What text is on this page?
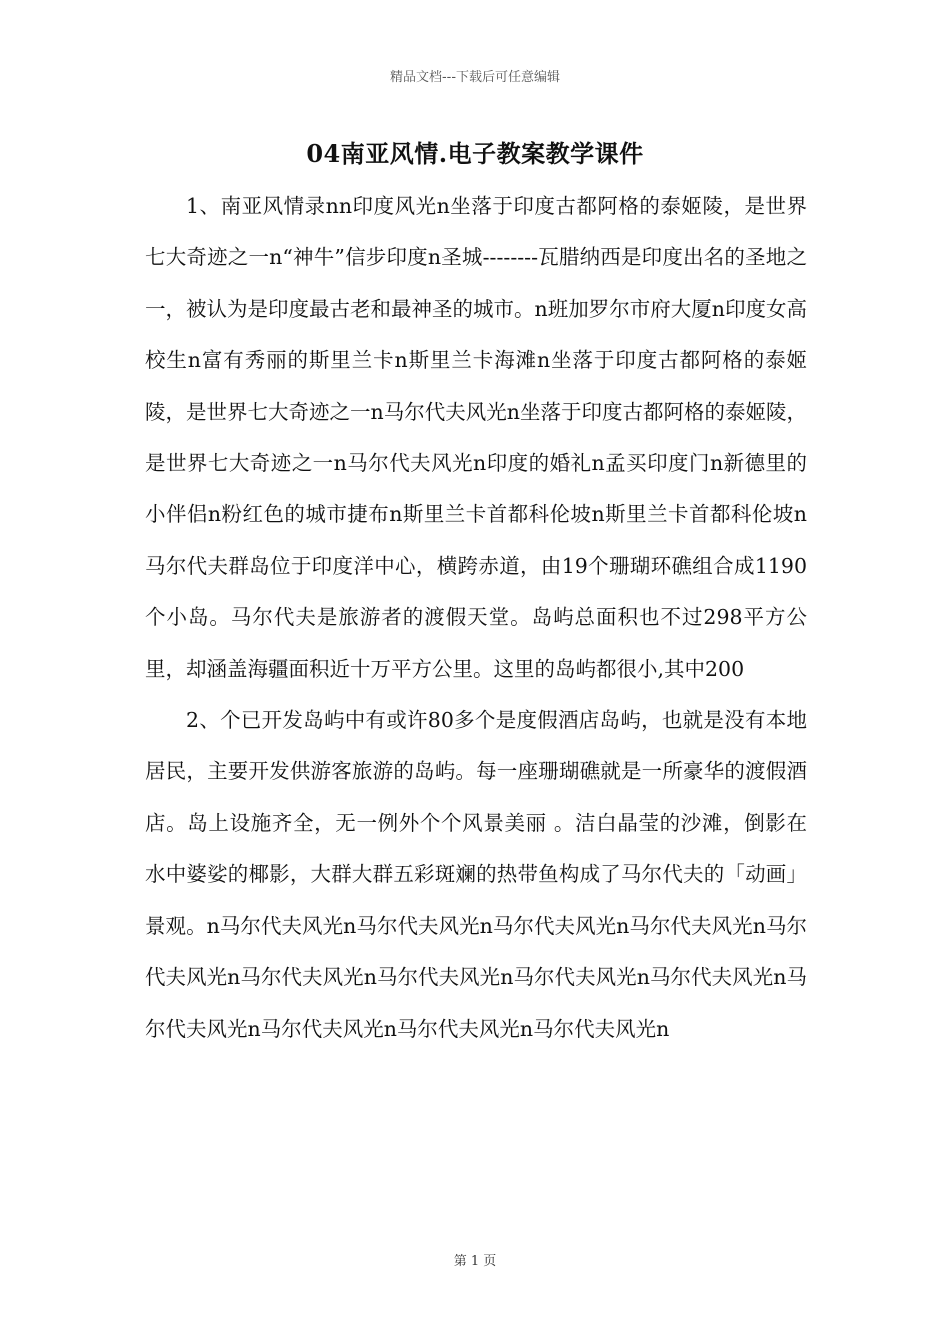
精品文档---下载后可任意编辑
04南亚风情.电子教案教学课件

1、南亚风情录nn印度风光n坐落于印度古都阿格的泰姬陵，是世界七大奇迹之一n“神牛”信步印度n圣城--------瓦腊纳西是印度出名的圣地之一，被认为是印度最古老和最神圣的城市。n班加罗尔市府大厦n印度女高校生n富有秀丽的斯里兰卡n斯里兰卡海滩n坐落于印度古都阿格的泰姬陵，是世界七大奇迹之一n马尔代夫风光n坐落于印度古都阿格的泰姬陵，是世界七大奇迹之一n马尔代夫风光n印度的婚礼n孟买印度门n新德里的小伴侣n粉红色的城市捷布n斯里兰卡首都科伦坡n斯里兰卡首都科伦坡n马尔代夫群岛位于印度洋中心，横跨赤道，由19个珊瑚环礁组合成1190个小岛。马尔代夫是旅游者的渡假天堂。岛屿总面积也不过298平方公里，却涵盖海疆面积近十万平方公里。这里的岛屿都很小,其中200

2、个已开发岛屿中有或许80多个是度假酒店岛屿，也就是没有本地居民，主要开发供游客旅游的岛屿。每一座珊瑚礁就是一所豪华的渡假酒店。岛上设施齐全，无一例外个个风景美丽 。洁白晶莹的沙滩，倒影在水中婆娑的椰影，大群大群五彩斑斓的热带鱼构成了马尔代夫的「动画」景观。n马尔代夫风光n马尔代夫风光n马尔代夫风光n马尔代夫风光n马尔代夫风光n马尔代夫风光n马尔代夫风光n马尔代夫风光n马尔代夫风光n马尔代夫风光n马尔代夫风光n马尔代夫风光n马尔代夫风光n

第 1 页
